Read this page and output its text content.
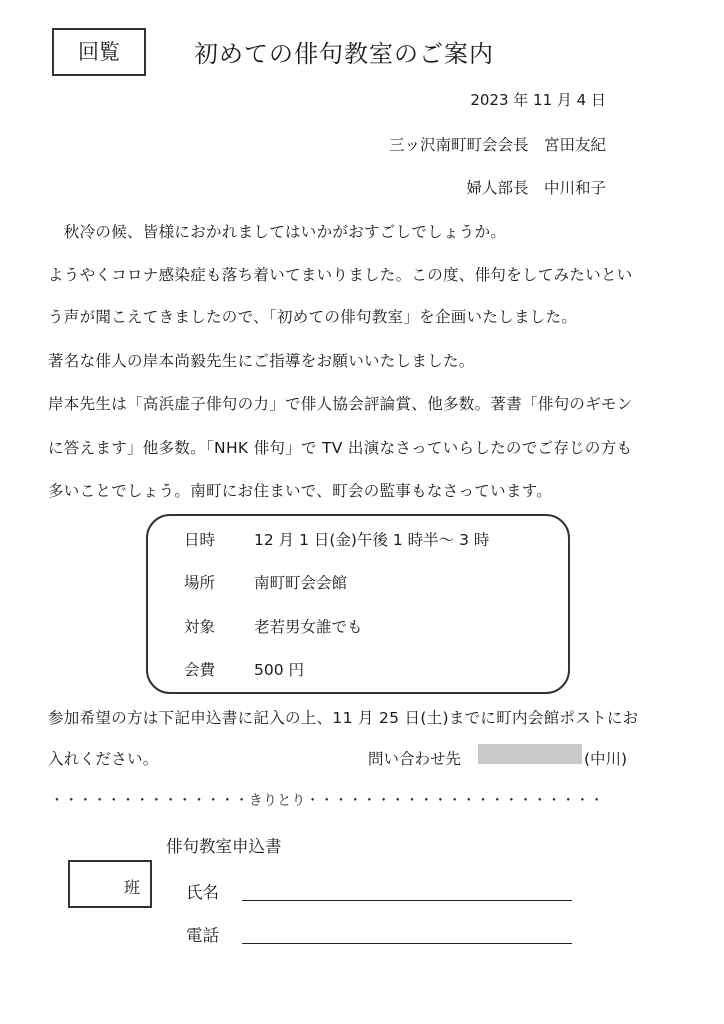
回覧	初めての俳句教室のご案内
2023 年 11 月 4 日
三ッ沢南町町会会長　宮田友紀
婦人部長　中川和子
　秋冷の候、皆様におかれましてはいかがおすごしでしょうか。
ようやくコロナ感染症も落ち着いてまいりました。この度、俳句をしてみたいとい
う声が聞こえてきましたので、「初めての俳句教室」を企画いたしました。
著名な俳人の岸本尚毅先生にご指導をお願いいたしました。
岸本先生は「高浜虚子俳句の力」で俳人協会評論賞、他多数。著書「俳句のギモン
に答えます」他多数。「NHK 俳句」で TV 出演なさっていらしたのでご存じの方も
多いことでしょう。南町にお住まいで、町会の監事もなさっています。
日時	12 月 1 日(金)午後 1 時半～ 3 時
場所	南町町会会館
対象	老若男女誰でも
会費	500 円
参加希望の方は下記申込書に記入の上、11 月 25 日(土)までに町内会館ポストにお
入れください。	問い合わせ先	(中川)
・・・・・・・・・・・・・・きりとり・・・・・・・・・・・・・・・・・・・・・
俳句教室申込書
班	氏名
電話
